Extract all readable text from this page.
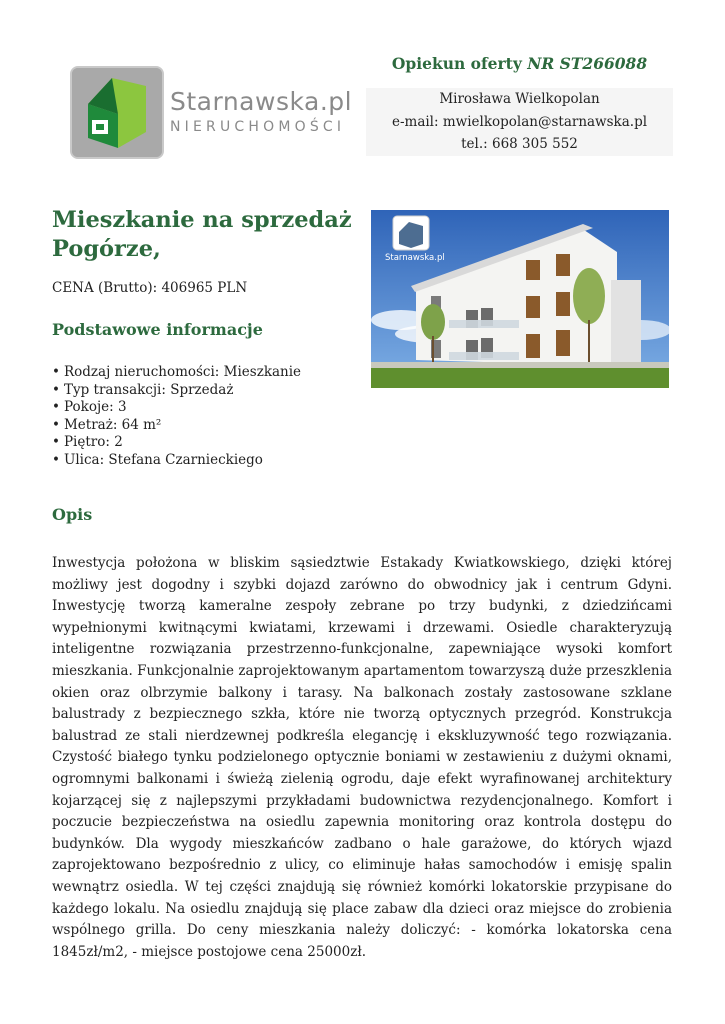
Starnawska.pl
NIERUCHOMOŚCI
Opiekun oferty NR ST266088
Mirosława Wielkopolan
e-mail: mwielkopolan@starnawska.pl
tel.: 668 305 552
Mieszkanie na sprzedaż Pogórze,
CENA (Brutto): 406965 PLN
Starnawska.pl
Podstawowe informacje
• Rodzaj nieruchomości: Mieszkanie
• Typ transakcji: Sprzedaż
• Pokoje: 3
• Metraż: 64 m²
• Piętro: 2
• Ulica: Stefana Czarnieckiego
Opis

Inwestycja położona w bliskim sąsiedztwie Estakady Kwiatkowskiego, dzięki której możliwy jest dogodny i szybki dojazd zarówno do obwodnicy jak i centrum Gdyni. Inwestycję tworzą kameralne zespoły zebrane po trzy budynki, z dziedzińcami wypełnionymi kwitnącymi kwiatami, krzewami i drzewami. Osiedle charakteryzują inteligentne rozwiązania przestrzenno-funkcjonalne, zapewniające wysoki komfort mieszkania. Funkcjonalnie zaprojektowanym apartamentom towarzyszą duże przeszklenia okien oraz olbrzymie balkony i tarasy. Na balkonach zostały zastosowane szklane balustrady z bezpiecznego szkła, które nie tworzą optycznych przegród. Konstrukcja balustrad ze stali nierdzewnej podkreśla elegancję i ekskluzywność tego rozwiązania. Czystość białego tynku podzielonego optycznie boniami w zestawieniu z dużymi oknami, ogromnymi balkonami i świeżą zielenią ogrodu, daje efekt wyrafinowanej architektury kojarzącej się z najlepszymi przykładami budownictwa rezydencjonalnego. Komfort i poczucie bezpieczeństwa na osiedlu zapewnia monitoring oraz kontrola dostępu do budynków. Dla wygody mieszkańców zadbano o hale garażowe, do których wjazd zaprojektowano bezpośrednio z ulicy, co eliminuje hałas samochodów i emisję spalin wewnątrz osiedla. W tej części znajdują się również komórki lokatorskie przypisane do każdego lokalu. Na osiedlu znajdują się place zabaw dla dzieci oraz miejsce do zrobienia wspólnego grilla. Do ceny mieszkania należy doliczyć: - komórka lokatorska cena 1845zł/m2, - miejsce postojowe cena 25000zł.
